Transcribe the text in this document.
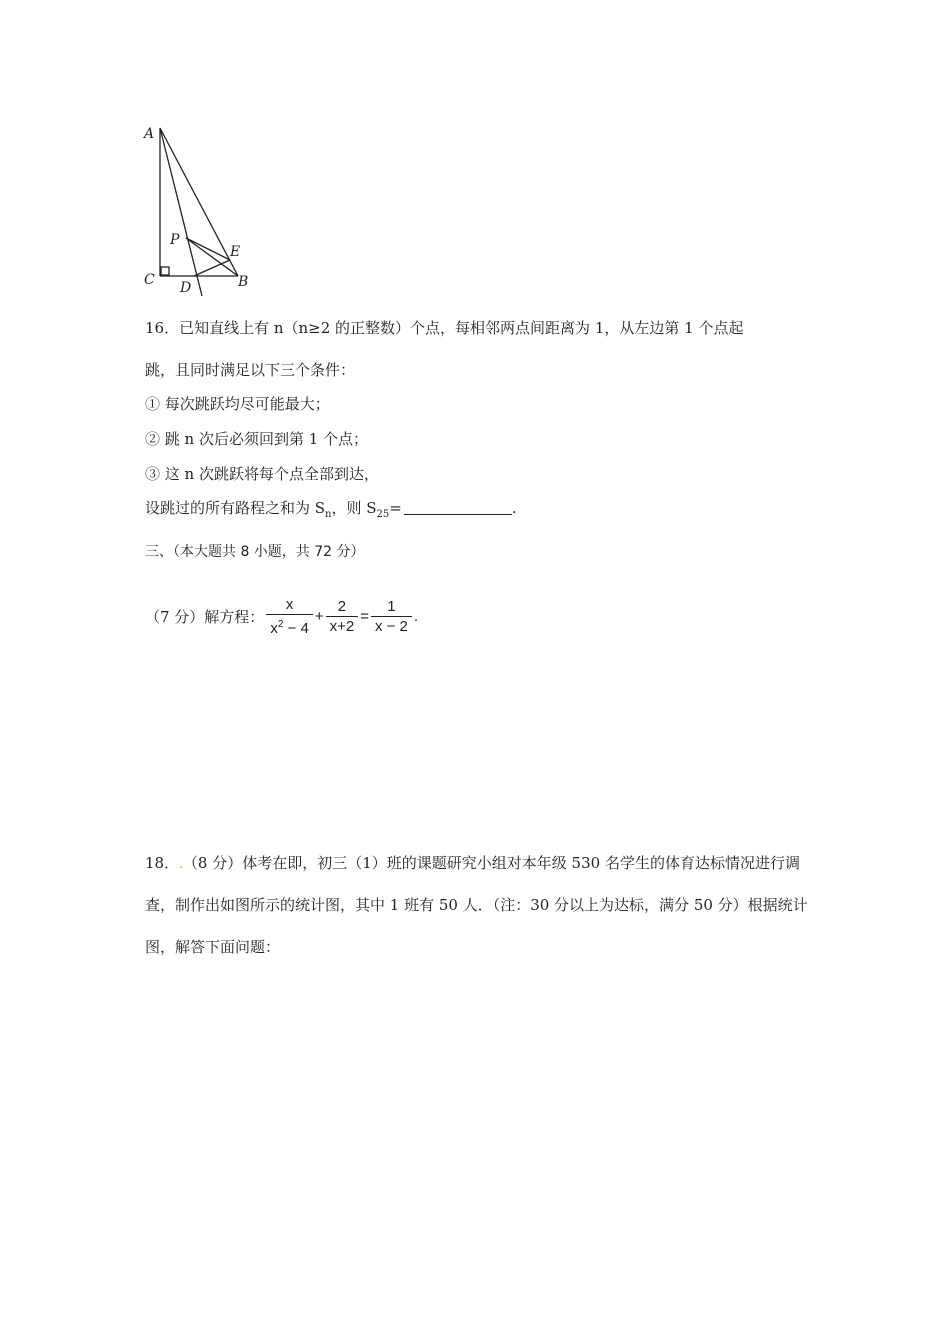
A
P
E
C D	B
16．已知直线上有 n（n≥2 的正整数）个点，每相邻两点间距离为 1，从左边第 1 个点起
跳，且同时满足以下三个条件：
① 每次跳跃均尽可能最大；
② 跳 n 次后必须回到第 1 个点；
③ 这 n 次跳跃将每个点全部到达，
设跳过的所有路程之和为 $S_n$，则 $S_{25}=$	.
三、（本大题共 8 小题，共 72 分）
（7 分）解方程： $\frac{x}{x^2 - 4} + \frac{2}{x+2} = \frac{1}{x - 2}$ .
18．.（8 分）体考在即，初三（1）班的课题研究小组对本年级 530 名学生的体育达标情况进行调
查，制作出如图所示的统计图，其中 1 班有 50 人．（注：30 分以上为达标，满分 50 分）根据统计
图，解答下面问题：
